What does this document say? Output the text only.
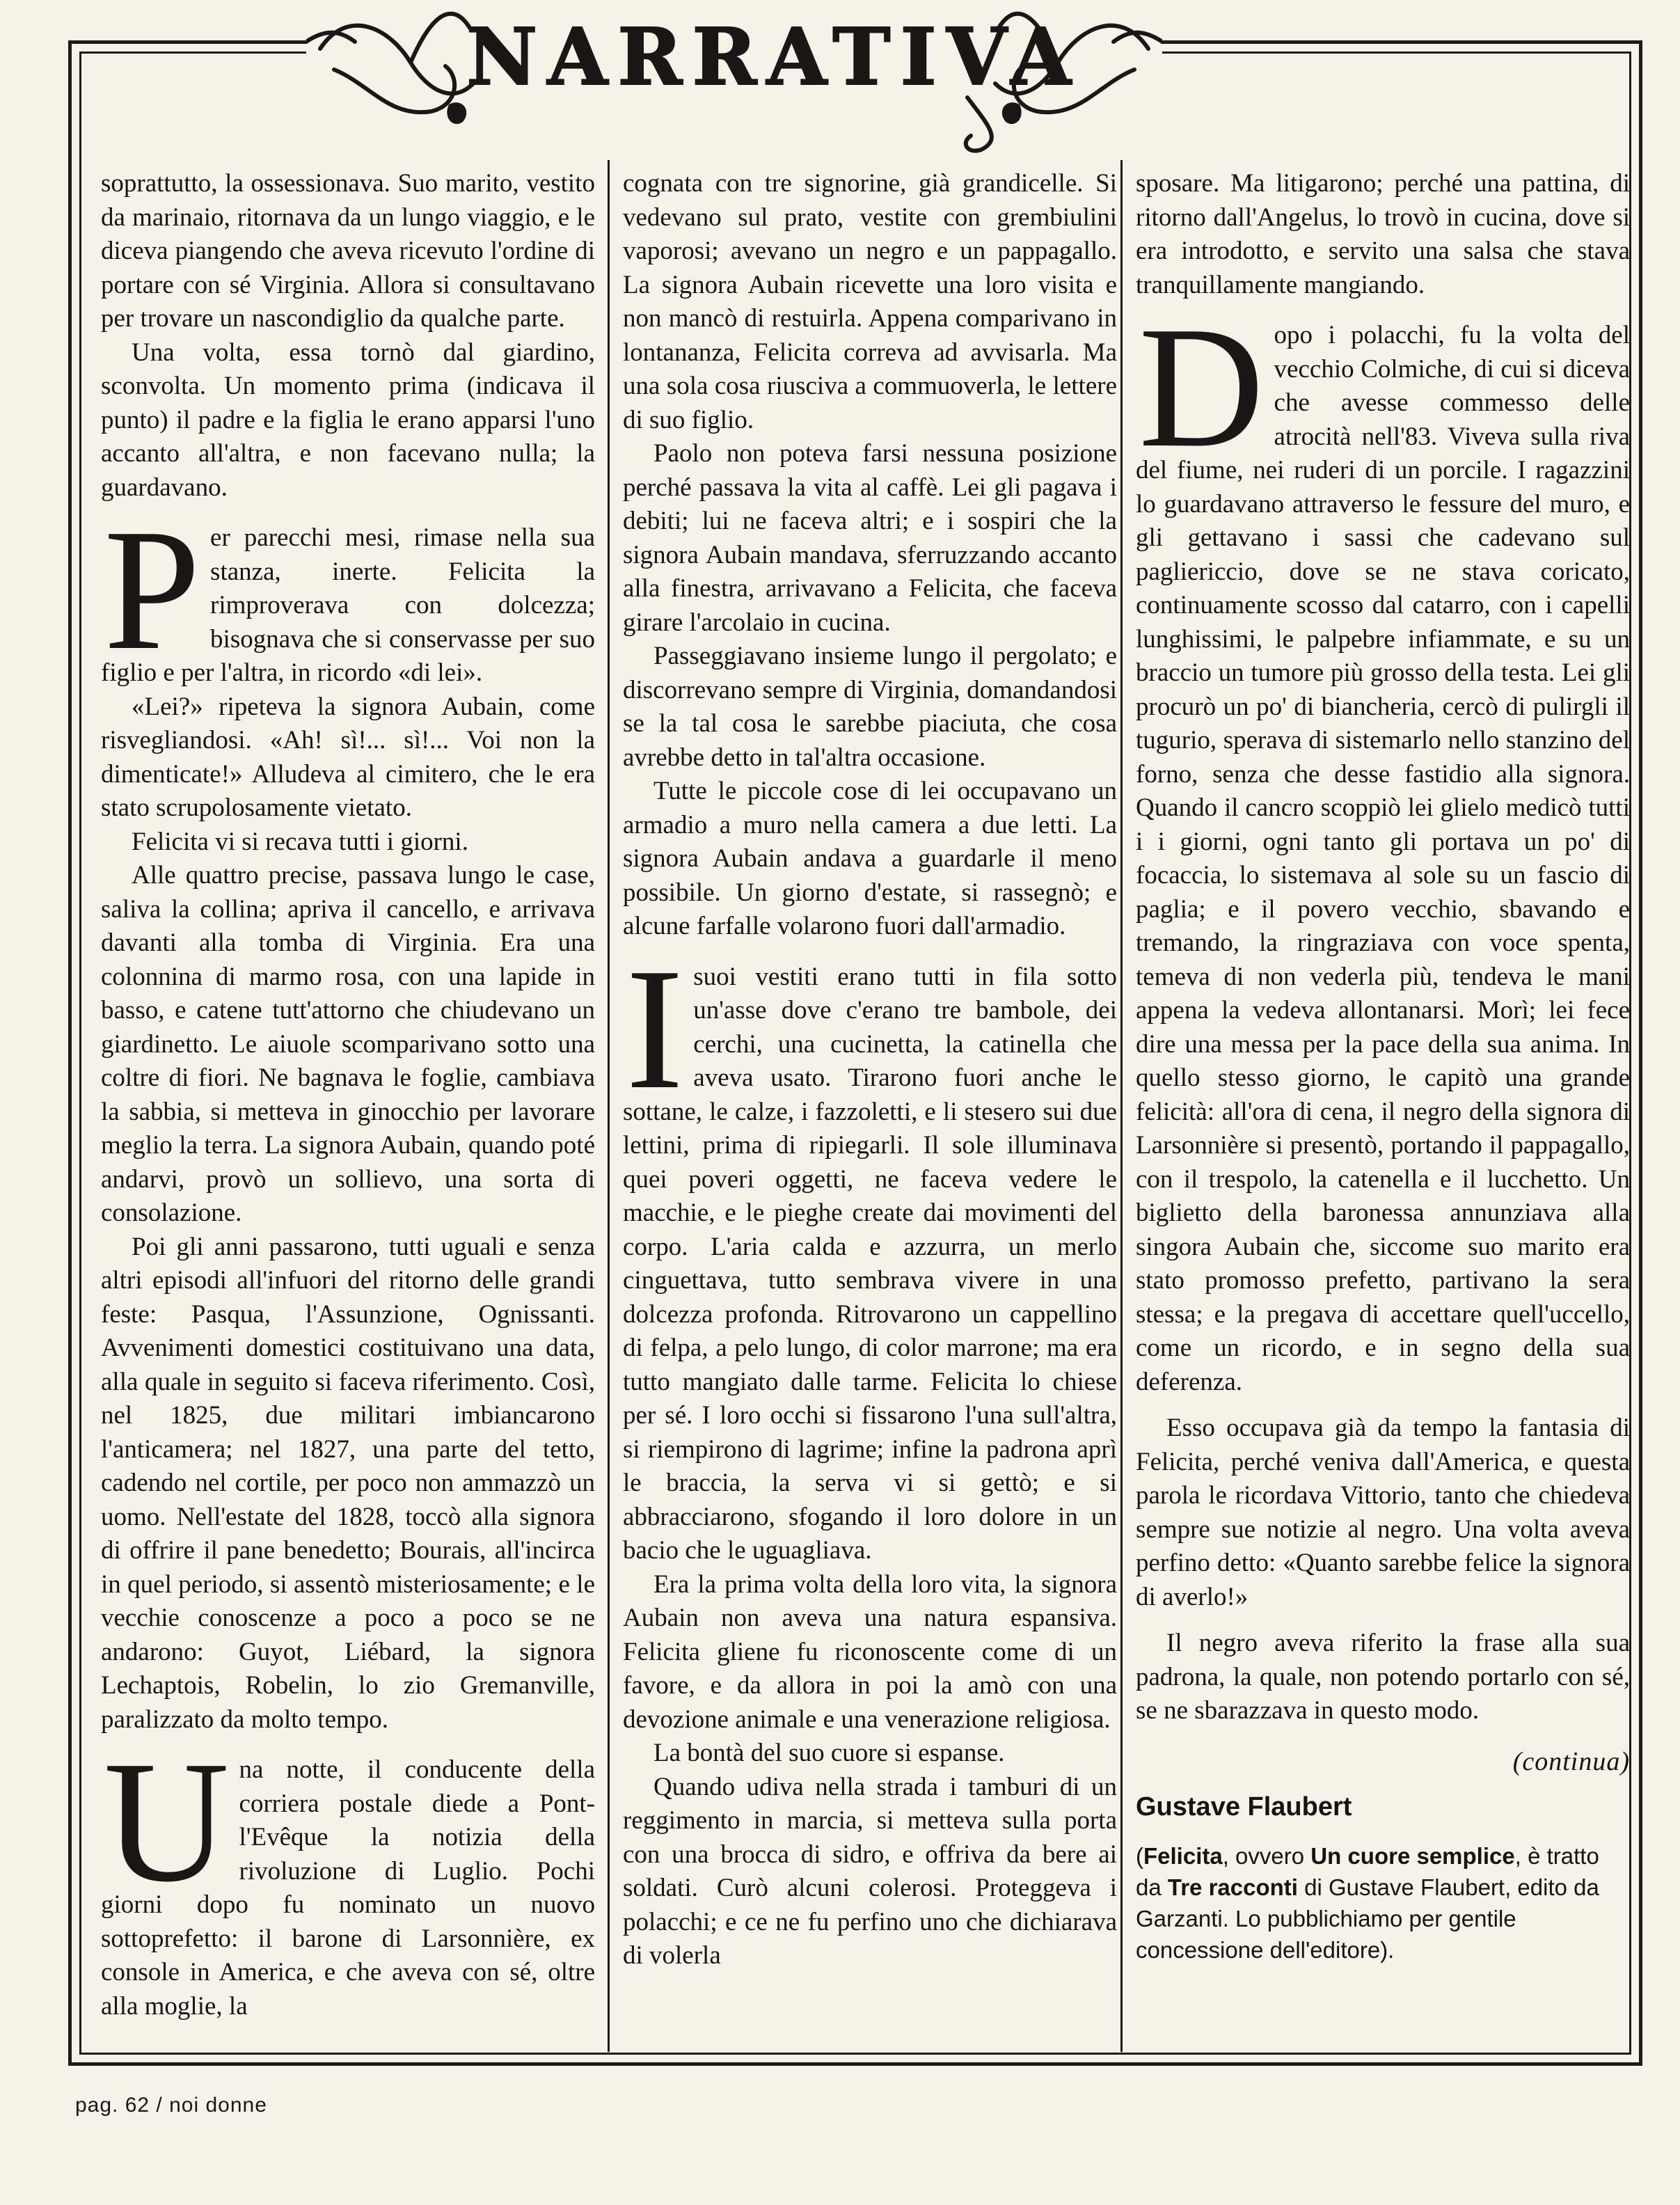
NARRATIVA

soprattutto, la ossessionava. Suo marito, vestito da marinaio, ritornava da un lungo viaggio, e le diceva piangendo che aveva ricevuto l'ordine di portare con sé Virginia. Allora si consultavano per trovare un nascondiglio da qualche parte.

Una volta, essa tornò dal giardino, sconvolta. Un momento prima (indicava il punto) il padre e la figlia le erano apparsi l'uno accanto all'altra, e non facevano nulla; la guardavano.

P er parecchi mesi, rimase nella sua stanza, inerte. Felicita la rimproverava con dolcezza; bisognava che si conservasse per suo figlio e per l'altra, in ricordo «di lei».

«Lei?» ripeteva la signora Aubain, come risvegliandosi. «Ah! sì!... sì!... Voi non la dimenticate!» Alludeva al cimitero, che le era stato scrupolosamente vietato.

Felicita vi si recava tutti i giorni.

Alle quattro precise, passava lungo le case, saliva la collina; apriva il cancello, e arrivava davanti alla tomba di Virginia. Era una colonnina di marmo rosa, con una lapide in basso, e catene tutt'attorno che chiudevano un giardinetto. Le aiuole scomparivano sotto una coltre di fiori. Ne bagnava le foglie, cambiava la sabbia, si metteva in ginocchio per lavorare meglio la terra. La signora Aubain, quando poté andarvi, provò un sollievo, una sorta di consolazione.

Poi gli anni passarono, tutti uguali e senza altri episodi all'infuori del ritorno delle grandi feste: Pasqua, l'Assunzione, Ognissanti. Avvenimenti domestici costituivano una data, alla quale in seguito si faceva riferimento. Così, nel 1825, due militari imbiancarono l'anticamera; nel 1827, una parte del tetto, cadendo nel cortile, per poco non ammazzò un uomo. Nell'estate del 1828, toccò alla signora di offrire il pane benedetto; Bourais, all'incirca in quel periodo, si assentò misteriosamente; e le vecchie conoscenze a poco a poco se ne andarono: Guyot, Liébard, la signora Lechaptois, Robelin, lo zio Gremanville, paralizzato da molto tempo.

U na notte, il conducente della corriera postale diede a Pont-l'Evêque la notizia della rivoluzione di Luglio. Pochi giorni dopo fu nominato un nuovo sottoprefetto: il barone di Larsonnière, ex console in America, e che aveva con sé, oltre alla moglie, la

cognata con tre signorine, già grandicelle. Si vedevano sul prato, vestite con grembiulini vaporosi; avevano un negro e un pappagallo. La signora Aubain ricevette una loro visita e non mancò di restuirla. Appena comparivano in lontananza, Felicita correva ad avvisarla. Ma una sola cosa riusciva a commuoverla, le lettere di suo figlio.

Paolo non poteva farsi nessuna posizione perché passava la vita al caffè. Lei gli pagava i debiti; lui ne faceva altri; e i sospiri che la signora Aubain mandava, sferruzzando accanto alla finestra, arrivavano a Felicita, che faceva girare l'arcolaio in cucina.

Passeggiavano insieme lungo il pergolato; e discorrevano sempre di Virginia, domandandosi se la tal cosa le sarebbe piaciuta, che cosa avrebbe detto in tal'altra occasione.

Tutte le piccole cose di lei occupavano un armadio a muro nella camera a due letti. La signora Aubain andava a guardarle il meno possibile. Un giorno d'estate, si rassegnò; e alcune farfalle volarono fuori dall'armadio.

I suoi vestiti erano tutti in fila sotto un'asse dove c'erano tre bambole, dei cerchi, una cucinetta, la catinella che aveva usato. Tirarono fuori anche le sottane, le calze, i fazzoletti, e li stesero sui due lettini, prima di ripiegarli. Il sole illuminava quei poveri oggetti, ne faceva vedere le macchie, e le pieghe create dai movimenti del corpo. L'aria calda e azzurra, un merlo cinguettava, tutto sembrava vivere in una dolcezza profonda. Ritrovarono un cappellino di felpa, a pelo lungo, di color marrone; ma era tutto mangiato dalle tarme. Felicita lo chiese per sé. I loro occhi si fissarono l'una sull'altra, si riempirono di lagrime; infine la padrona aprì le braccia, la serva vi si gettò; e si abbracciarono, sfogando il loro dolore in un bacio che le uguagliava.

Era la prima volta della loro vita, la signora Aubain non aveva una natura espansiva. Felicita gliene fu riconoscente come di un favore, e da allora in poi la amò con una devozione animale e una venerazione religiosa.

La bontà del suo cuore si espanse.

Quando udiva nella strada i tamburi di un reggimento in marcia, si metteva sulla porta con una brocca di sidro, e offriva da bere ai soldati. Curò alcuni colerosi. Proteggeva i polacchi; e ce ne fu perfino uno che dichiarava di volerla

sposare. Ma litigarono; perché una pattina, di ritorno dall'Angelus, lo trovò in cucina, dove si era introdotto, e servito una salsa che stava tranquillamente mangiando.

D opo i polacchi, fu la volta del vecchio Colmiche, di cui si diceva che avesse commesso delle atrocità nell'83. Viveva sulla riva del fiume, nei ruderi di un porcile. I ragazzini lo guardavano attraverso le fessure del muro, e gli gettavano i sassi che cadevano sul pagliericcio, dove se ne stava coricato, continuamente scosso dal catarro, con i capelli lunghissimi, le palpebre infiammate, e su un braccio un tumore più grosso della testa. Lei gli procurò un po' di biancheria, cercò di pulirgli il tugurio, sperava di sistemarlo nello stanzino del forno, senza che desse fastidio alla signora. Quando il cancro scoppiò lei glielo medicò tutti i i giorni, ogni tanto gli portava un po' di focaccia, lo sistemava al sole su un fascio di paglia; e il povero vecchio, sbavando e tremando, la ringraziava con voce spenta, temeva di non vederla più, tendeva le mani appena la vedeva allontanarsi. Morì; lei fece dire una messa per la pace della sua anima. In quello stesso giorno, le capitò una grande felicità: all'ora di cena, il negro della signora di Larsonnière si presentò, portando il pappagallo, con il trespolo, la catenella e il lucchetto. Un biglietto della baronessa annunziava alla singora Aubain che, siccome suo marito era stato promosso prefetto, partivano la sera stessa; e la pregava di accettare quell'uccello, come un ricordo, e in segno della sua deferenza.

Esso occupava già da tempo la fantasia di Felicita, perché veniva dall'America, e questa parola le ricordava Vittorio, tanto che chiedeva sempre sue notizie al negro. Una volta aveva perfino detto: «Quanto sarebbe felice la signora di averlo!»

Il negro aveva riferito la frase alla sua padrona, la quale, non potendo portarlo con sé, se ne sbarazzava in questo modo.

(continua)
Gustave Flaubert
(Felicita, ovvero Un cuore semplice, è tratto da Tre racconti di Gustave Flaubert, edito da Garzanti. Lo pubblichiamo per gentile concessione dell'editore).
pag. 62 / noi donne
